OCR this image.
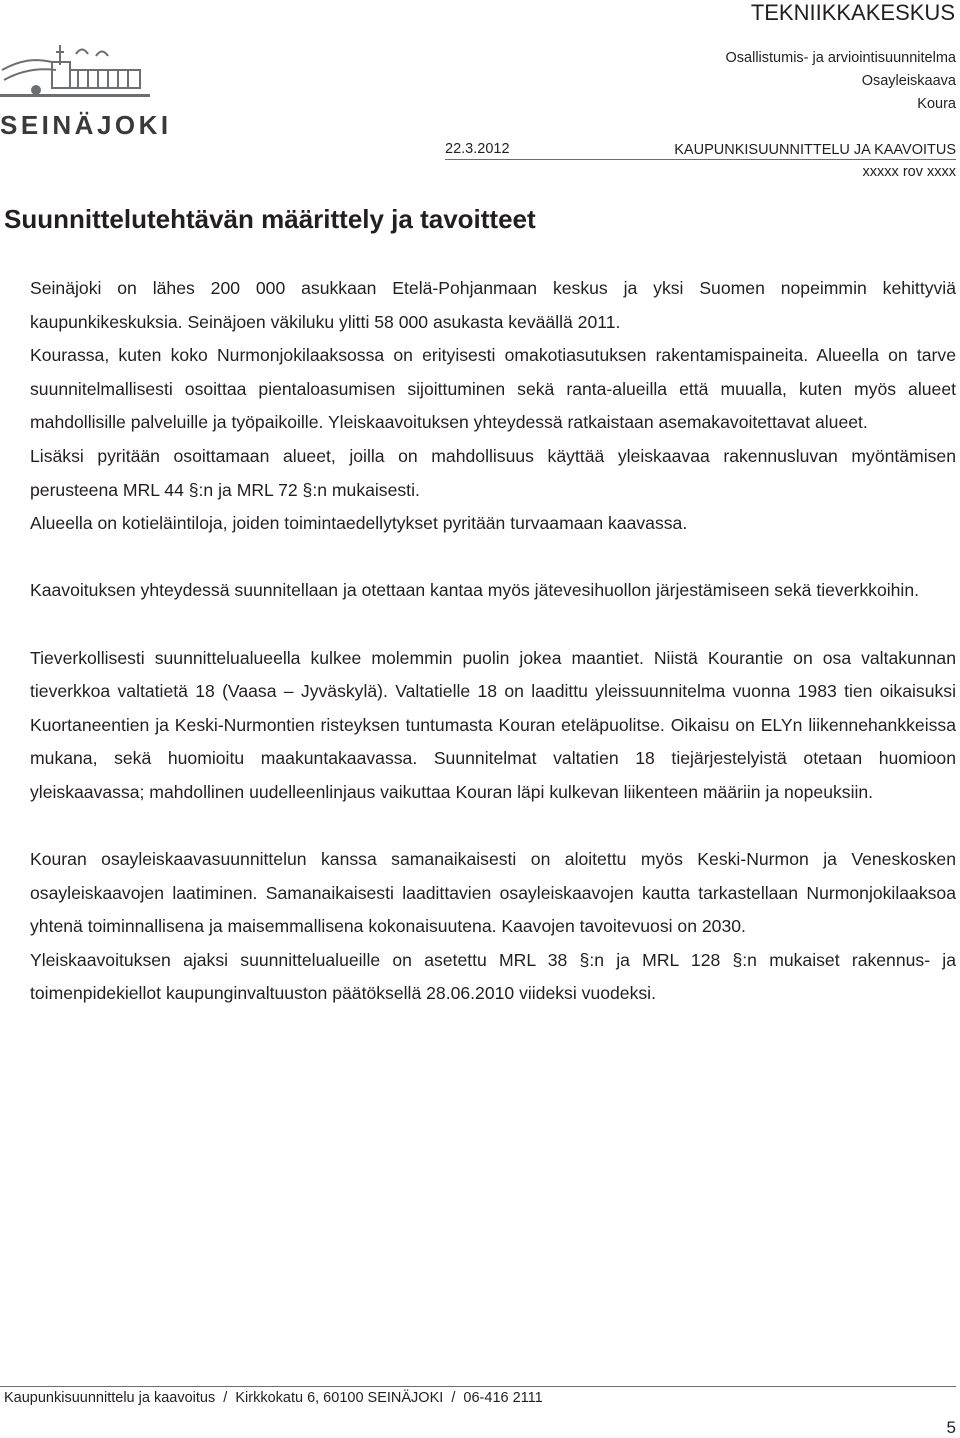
TEKNIIKKAKESKUS
Osallistumis- ja arviointisuunnitelma
Osayleiskaava
Koura
SEINÄJOKI
22.3.2012	KAUPUNKISUUNNITTELU JA KAAVOITUS
xxxxx rov xxxx
Suunnittelutehtävän määrittely ja tavoitteet

Seinäjoki on lähes 200 000 asukkaan Etelä-Pohjanmaan keskus ja yksi Suomen nopeimmin kehittyviä kaupunkikeskuksia. Seinäjoen väkiluku ylitti 58 000 asukasta keväällä 2011.

Kourassa, kuten koko Nurmonjokilaaksossa on erityisesti omakotiasutuksen rakentamispaineita. Alueella on tarve suunnitelmallisesti osoittaa pientaloasumisen sijoittuminen sekä ranta-alueilla että muualla, kuten myös alueet mahdollisille palveluille ja työpaikoille. Yleiskaavoituksen yhteydessä ratkaistaan asemakavoitettavat alueet.

Lisäksi pyritään osoittamaan alueet, joilla on mahdollisuus käyttää yleiskaavaa rakennusluvan myöntämisen perusteena MRL 44 §:n ja MRL 72 §:n mukaisesti.

Alueella on kotieläintiloja, joiden toimintaedellytykset pyritään turvaamaan kaavassa.

Kaavoituksen yhteydessä suunnitellaan ja otettaan kantaa myös jätevesihuollon järjestämiseen sekä tieverkkoihin.

Tieverkollisesti suunnittelualueella kulkee molemmin puolin jokea maantiet. Niistä Kourantie on osa valtakunnan tieverkkoa valtatietä 18 (Vaasa – Jyväskylä). Valtatielle 18 on laadittu yleissuunnitelma vuonna 1983 tien oikaisuksi Kuortaneentien ja Keski-Nurmontien risteyksen tuntumasta Kouran eteläpuolitse. Oikaisu on ELYn liikennehankkeissa mukana, sekä huomioitu maakuntakaavassa. Suunnitelmat valtatien 18 tiejärjestelyistä otetaan huomioon yleiskaavassa; mahdollinen uudelleenlinjaus vaikuttaa Kouran läpi kulkevan liikenteen määriin ja nopeuksiin.

Kouran osayleiskaavasuunnittelun kanssa samanaikaisesti on aloitettu myös Keski-Nurmon ja Veneskosken osayleiskaavojen laatiminen. Samanaikaisesti laadittavien osayleiskaavojen kautta tarkastellaan Nurmonjokilaaksoa yhtenä toiminnallisena ja maisemmallisena kokonaisuutena. Kaavojen tavoitevuosi on 2030.

Yleiskaavoituksen ajaksi suunnittelualueille on asetettu MRL 38 §:n ja MRL 128 §:n mukaiset rakennus- ja toimenpidekiellot kaupunginvaltuuston päätöksellä 28.06.2010 viideksi vuodeksi.

Kaupunkisuunnittelu ja kaavoitus  /  Kirkkokatu 6, 60100 SEINÄJOKI  /  06-416 2111
5
